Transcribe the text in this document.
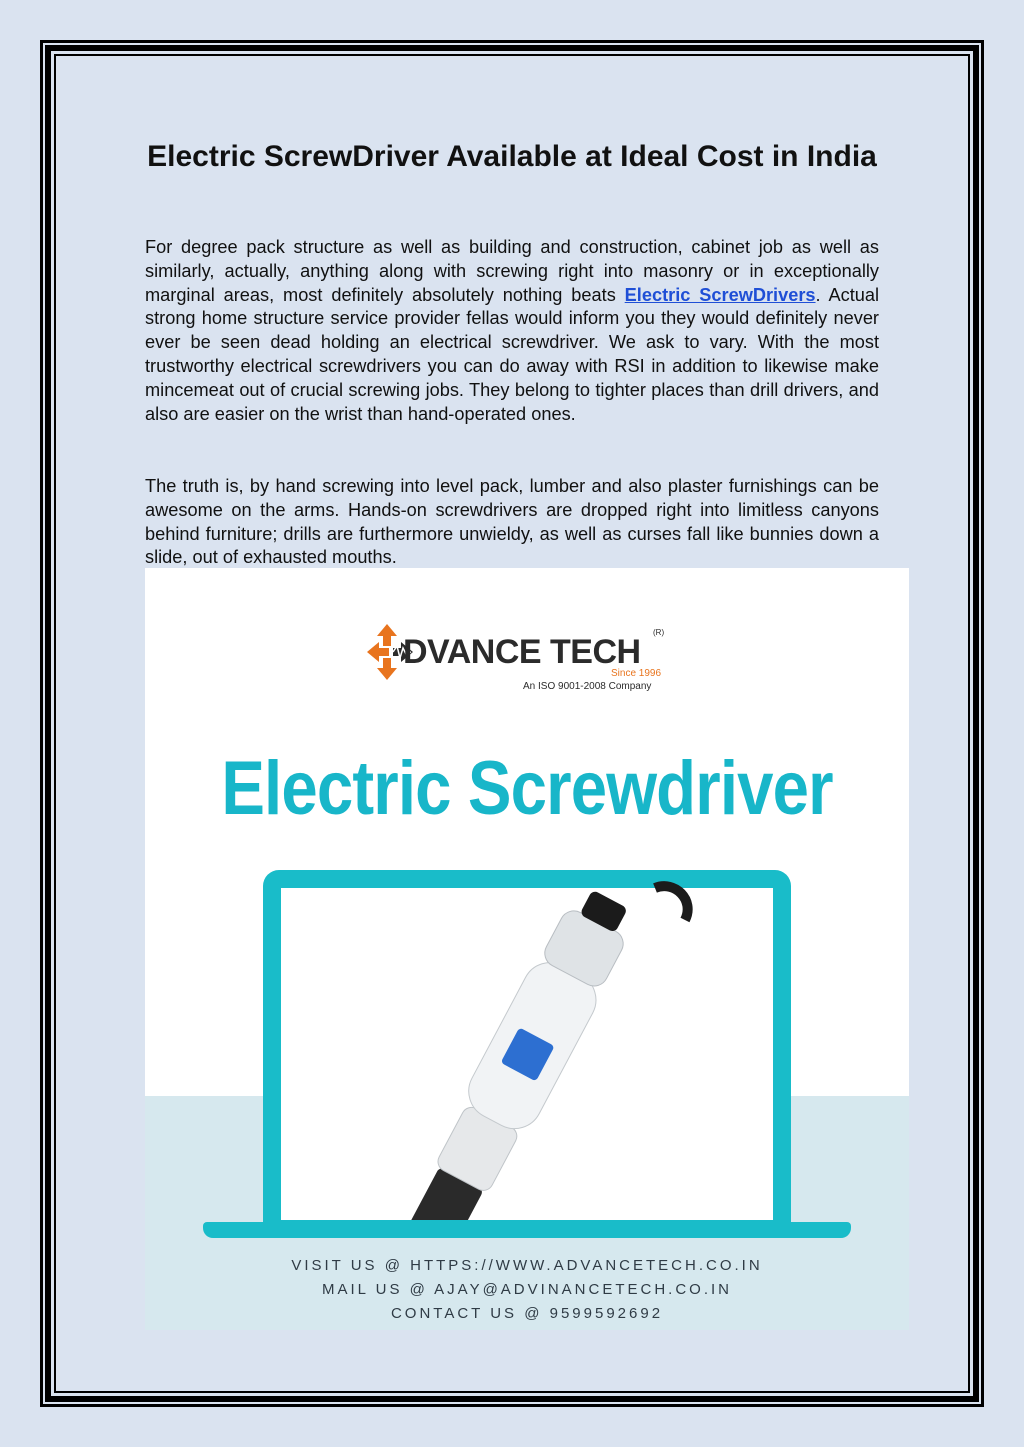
Electric ScrewDriver Available at Ideal Cost in India

For degree pack structure as well as building and construction, cabinet job as well as similarly, actually, anything along with screwing right into masonry or in exceptionally marginal areas, most definitely absolutely nothing beats Electric ScrewDrivers. Actual strong home structure service provider fellas would inform you they would definitely never ever be seen dead holding an electrical screwdriver. We ask to vary. With the most trustworthy electrical screwdrivers you can do away with RSI in addition to likewise make mincemeat out of crucial screwing jobs. They belong to tighter places than drill drivers, and also are easier on the wrist than hand-operated ones.

The truth is, by hand screwing into level pack, lumber and also plaster furnishings can be awesome on the arms. Hands-on screwdrivers are dropped right into limitless canyons behind furniture; drills are furthermore unwieldy, as well as curses fall like bunnies down a slide, out of exhausted mouths.

DVANCE TECH
(R)
Since 1996
An ISO 9001-2008 Company
Electric Screwdriver
VISIT US @ HTTPS://WWW.ADVANCETECH.CO.IN
MAIL US @ AJAY@ADVINANCETECH.CO.IN
CONTACT US @ 9599592692
